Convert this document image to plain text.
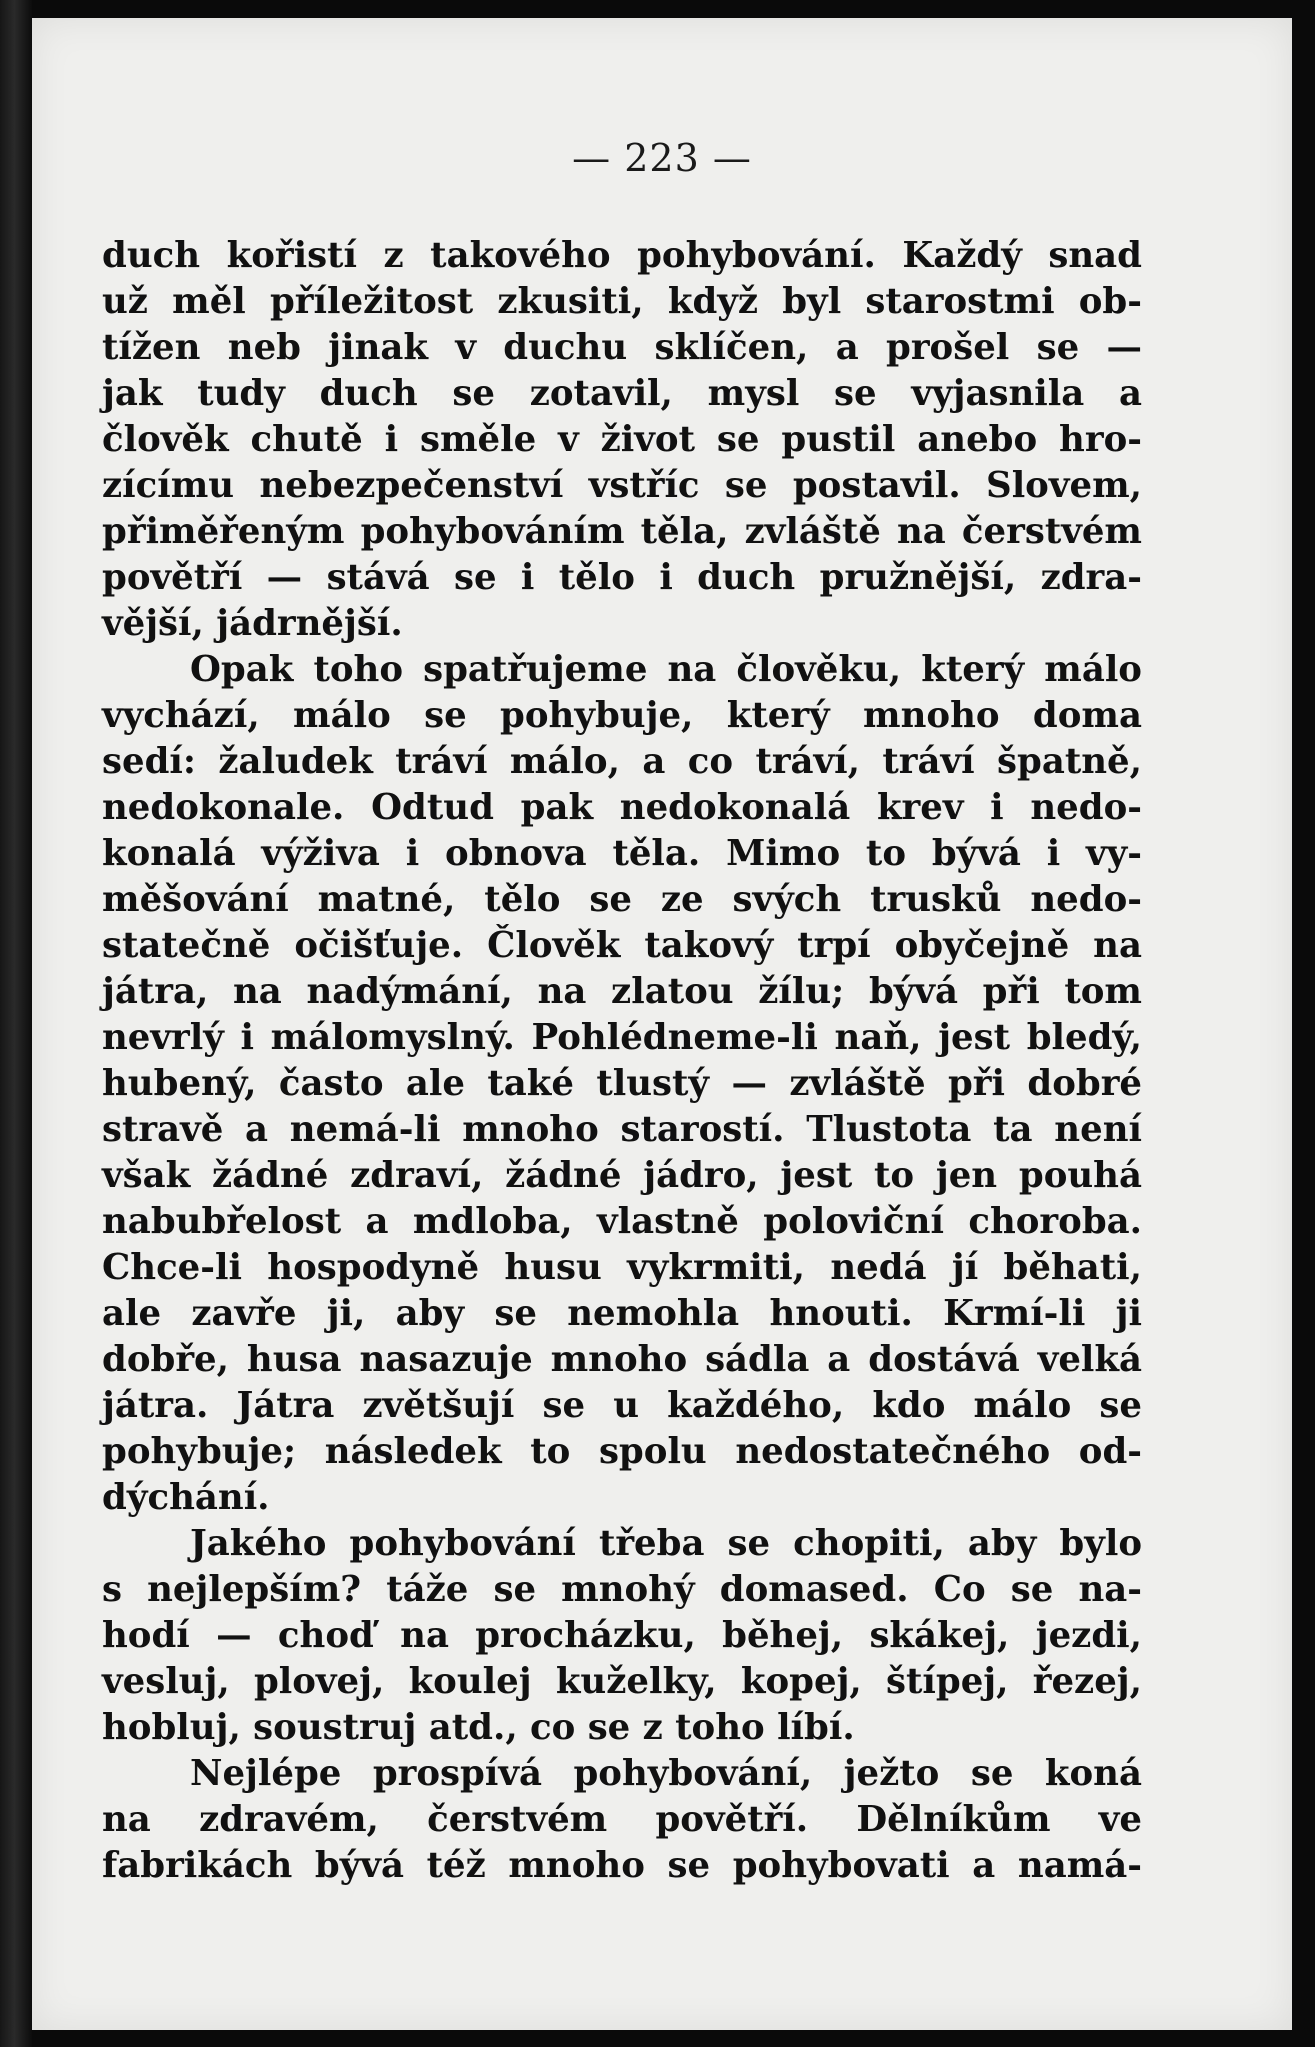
— 223 —
duch kořistí z takového pohybování. Každý snad
už měl příležitost zkusiti, když byl starostmi ob-
tížen neb jinak v duchu sklíčen, a prošel se —
jak tudy duch se zotavil, mysl se vyjasnila a
člověk chutě i směle v život se pustil anebo hro-
zícímu nebezpečenství vstříc se postavil. Slovem,
přiměřeným pohybováním těla, zvláště na čerstvém
povětří — stává se i tělo i duch pružnější, zdra-
vější, jádrnější.
Opak toho spatřujeme na člověku, který málo
vychází, málo se pohybuje, který mnoho doma
sedí: žaludek tráví málo, a co tráví, tráví špatně,
nedokonale. Odtud pak nedokonalá krev i nedo-
konalá výživa i obnova těla. Mimo to bývá i vy-
měšování matné, tělo se ze svých trusků nedo-
statečně očišťuje. Člověk takový trpí obyčejně na
játra, na nadýmání, na zlatou žílu; bývá při tom
nevrlý i málomyslný. Pohlédneme-li naň, jest bledý,
hubený, často ale také tlustý — zvláště při dobré
stravě a nemá-li mnoho starostí. Tlustota ta není
však žádné zdraví, žádné jádro, jest to jen pouhá
nabubřelost a mdloba, vlastně poloviční choroba.
Chce-li hospodyně husu vykrmiti, nedá jí běhati,
ale zavře ji, aby se nemohla hnouti. Krmí-li ji
dobře, husa nasazuje mnoho sádla a dostává velká
játra. Játra zvětšují se u každého, kdo málo se
pohybuje; následek to spolu nedostatečného od-
dýchání.
Jakého pohybování třeba se chopiti, aby bylo
s nejlepším? táže se mnohý domased. Co se na-
hodí — choď na procházku, běhej, skákej, jezdi,
vesluj, plovej, koulej kuželky, kopej, štípej, řezej,
hobluj, soustruj atd., co se z toho líbí.
Nejlépe prospívá pohybování, ježto se koná
na zdravém, čerstvém povětří. Dělníkům ve
fabrikách bývá též mnoho se pohybovati a namá-
